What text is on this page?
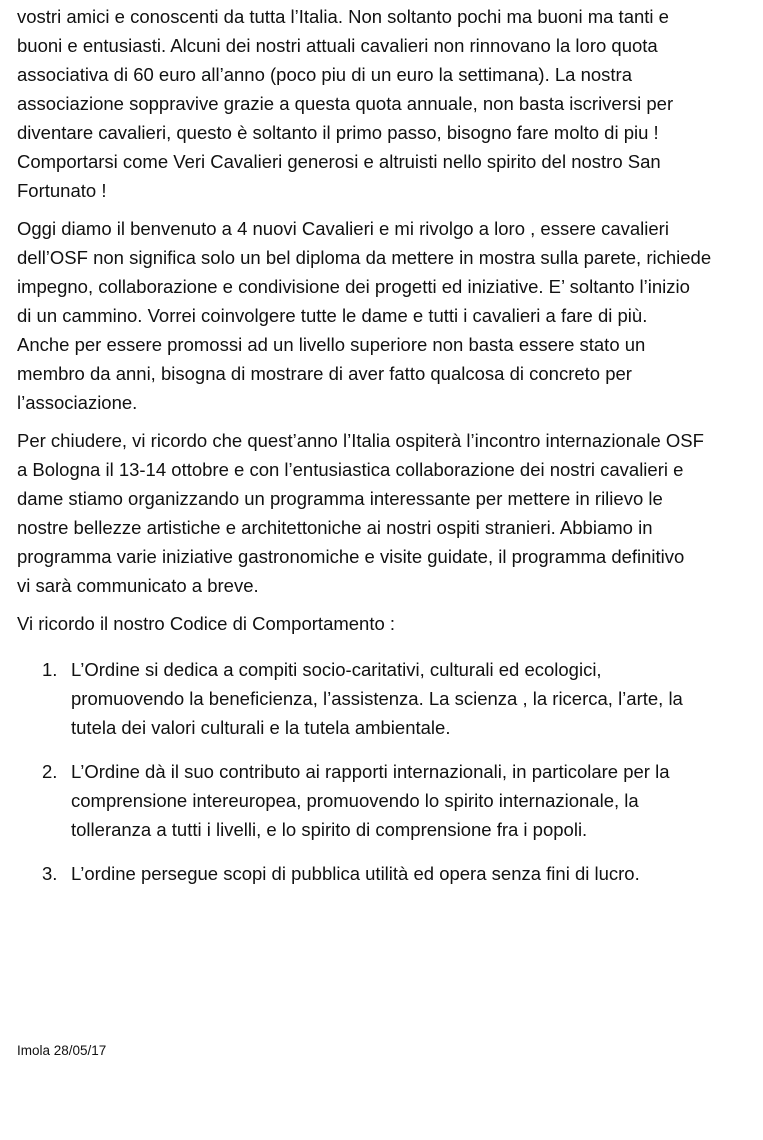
vostri amici e conoscenti da tutta l’Italia. Non soltanto pochi ma buoni ma tanti e
buoni e entusiasti. Alcuni dei nostri attuali cavalieri non rinnovano la loro quota
associativa di 60 euro all’anno (poco piu di un euro la settimana). La nostra
associazione soppravive grazie a questa quota annuale, non basta iscriversi per
diventare cavalieri, questo è soltanto il primo passo, bisogno fare molto di piu !
Comportarsi come Veri Cavalieri generosi e altruisti nello spirito del nostro San
Fortunato !

Oggi diamo il benvenuto a 4 nuovi Cavalieri e mi rivolgo a loro , essere cavalieri
dell’OSF non significa solo un bel diploma da mettere in mostra sulla parete, richiede
impegno, collaborazione e condivisione dei progetti ed iniziative. E’ soltanto l’inizio
di un cammino. Vorrei coinvolgere tutte le dame e tutti i cavalieri a fare di più.
Anche per essere promossi ad un livello superiore non basta essere stato un
membro da anni, bisogna di mostrare di aver fatto qualcosa di concreto per
l’associazione.

Per chiudere, vi ricordo che quest’anno l’Italia ospiterà l’incontro internazionale OSF
a Bologna il 13-14 ottobre e con l’entusiastica collaborazione dei nostri cavalieri e
dame stiamo organizzando un programma interessante per mettere in rilievo le
nostre bellezze artistiche e architettoniche ai nostri ospiti stranieri. Abbiamo in
programma varie iniziative gastronomiche e visite guidate, il programma definitivo
vi sarà communicato a breve.

Vi ricordo il nostro Codice di Comportamento :

1. L’Ordine si dedica a compiti socio-caritativi, culturali ed ecologici,
promuovendo la beneficienza, l’assistenza. La scienza , la ricerca, l’arte, la
tutela dei valori culturali e la tutela ambientale.
2. L’Ordine dà il suo contributo ai rapporti internazionali, in particolare per la
comprensione intereuropea, promuovendo lo spirito internazionale, la
tolleranza a tutti i livelli, e lo spirito di comprensione fra i popoli.
3. L’ordine persegue scopi di pubblica utilità ed opera senza fini di lucro.
Imola 28/05/17
